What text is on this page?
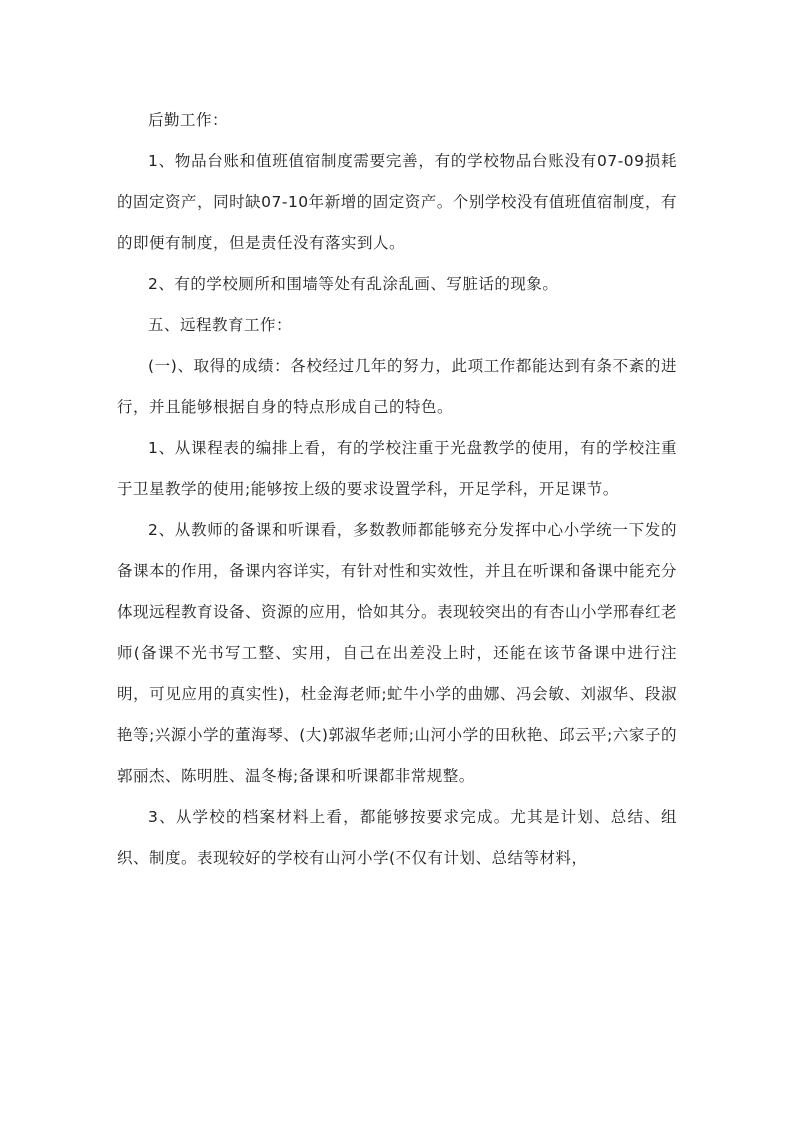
后勤工作：

1、物品台账和值班值宿制度需要完善，有的学校物品台账没有07-09损耗的固定资产，同时缺07-10年新增的固定资产。个别学校没有值班值宿制度，有的即便有制度，但是责任没有落实到人。

2、有的学校厕所和围墙等处有乱涂乱画、写脏话的现象。

五、远程教育工作：

(一)、取得的成绩：各校经过几年的努力，此项工作都能达到有条不紊的进行，并且能够根据自身的特点形成自己的特色。

1、从课程表的编排上看，有的学校注重于光盘教学的使用，有的学校注重于卫星教学的使用;能够按上级的要求设置学科，开足学科，开足课节。

2、从教师的备课和听课看，多数教师都能够充分发挥中心小学统一下发的备课本的作用，备课内容详实，有针对性和实效性，并且在听课和备课中能充分体现远程教育设备、资源的应用，恰如其分。表现较突出的有杏山小学邢春红老师(备课不光书写工整、实用，自己在出差没上时，还能在该节备课中进行注明，可见应用的真实性)，杜金海老师;虻牛小学的曲娜、冯会敏、刘淑华、段淑艳等;兴源小学的董海琴、(大)郭淑华老师;山河小学的田秋艳、邱云平;六家子的郭丽杰、陈明胜、温冬梅;备课和听课都非常规整。

3、从学校的档案材料上看，都能够按要求完成。尤其是计划、总结、组织、制度。表现较好的学校有山河小学(不仅有计划、总结等材料，
